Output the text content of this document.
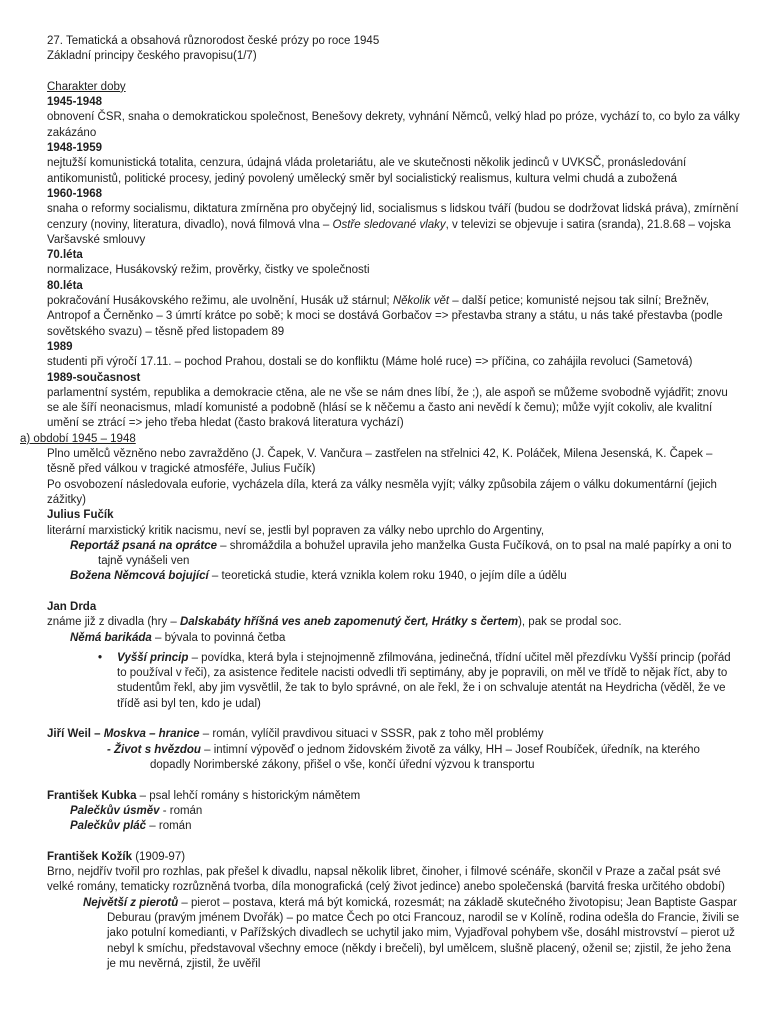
27. Tematická a obsahová různorodost české prózy po roce 1945

Základní principy českého pravopisu(1/7)

Charakter doby

1945-1948

obnovení ČSR, snaha o demokratickou společnost, Benešovy dekrety, vyhnání Němců, velký hlad po próze, vychází to, co bylo za války zakázáno

1948-1959

nejtužší komunistická totalita, cenzura, údajná vláda proletariátu, ale ve skutečnosti několik jedinců v UVKSČ, pronásledování antikomunistů, politické procesy, jediný povolený umělecký směr byl socialistický realismus, kultura velmi chudá a zubožená

1960-1968

snaha o reformy socialismu, diktatura zmírněna pro obyčejný lid, socialismus s lidskou tváří (budou se dodržovat lidská práva), zmírnění cenzury (noviny, literatura, divadlo), nová filmová vlna – Ostře sledované vlaky, v televizi se objevuje i satira (sranda), 21.8.68 – vojska Varšavské smlouvy

70.léta

normalizace, Husákovský režim, prověrky, čistky ve společnosti

80.léta

pokračování Husákovského režimu, ale uvolnění, Husák už stárnul; Několik vět – další petice; komunisté nejsou tak silní; Brežněv, Antropof a Černěnko – 3 úmrtí krátce po sobě; k moci se dostává Gorbačov => přestavba strany a státu, u nás také přestavba (podle sovětského svazu) – těsně před listopadem 89

1989

studenti při výročí 17.11. – pochod Prahou, dostali se do konfliktu (Máme holé ruce) => příčina, co zahájila revoluci (Sametová)

1989-současnost

parlamentní systém, republika a demokracie ctěna, ale ne vše se nám dnes líbí, že ;), ale aspoň se můžeme svobodně vyjádřit; znovu se ale šíří neonacismus, mladí komunisté a podobně (hlásí se k něčemu a často ani nevědí k čemu); může vyjít cokoliv, ale kvalitní umění se ztrácí => jeho třeba hledat (často braková literatura vychází)

a) období 1945 – 1948

Plno umělců vězněno nebo zavražděno (J. Čapek, V. Vančura – zastřelen na střelnici 42, K. Poláček, Milena Jesenská, K. Čapek – těsně před válkou v tragické atmosféře, Julius Fučík)

Po osvobození následovala euforie, vycházela díla, která za války nesměla vyjít; války způsobila zájem o válku dokumentární (jejich zážitky)

Julius Fučík

literární marxistický kritik nacismu, neví se, jestli byl popraven za války nebo uprchlo do Argentiny,

Reportáž psaná na oprátce – shromáždila a bohužel upravila jeho manželka Gusta Fučíková, on to psal na malé papírky a oni to tajně vynášeli ven

Božena Němcová bojující – teoretická studie, která vznikla kolem roku 1940, o jejím díle a údělu

Jan Drda

známe již z divadla (hry – Dalskabáty hříšná ves aneb zapomenutý čert, Hrátky s čertem), pak se prodal soc.

Němá barikáda – bývala to povinná četba

• Vyšší princip – povídka, která byla i stejnojmenně zfilmována, jedinečná, třídní učitel měl přezdívku Vyšší princip (pořád to používal v řeči), za asistence ředitele nacisti odvedli tři septimány, aby je popravili, on měl ve třídě to nějak říct, aby to studentům řekl, aby jim vysvětlil, že tak to bylo správné, on ale řekl, že i on schvaluje atentát na Heydricha (věděl, že ve třídě asi byl ten, kdo je udal)

Jiří Weil – Moskva – hranice – román, vylíčil pravdivou situaci v SSSR, pak z toho měl problémy

- Život s hvězdou – intimní výpověď o jednom židovském životě za války, HH – Josef Roubíček, úředník, na kterého dopadly Norimberské zákony, přišel o vše, končí úřední výzvou k transportu

František Kubka – psal lehčí romány s historickým námětem

Palečkův úsměv - román

Palečkův pláč – román

František Kožík (1909-97)

Brno, nejdřív tvořil pro rozhlas, pak přešel k divadlu, napsal několik libret, činoher, i filmové scénáře, skončil v Praze a začal psát své velké romány, tematicky rozrůzněná tvorba, díla monografická (celý život jedince) anebo společenská (barvitá freska určitého období)

Největší z pierotů – pierot – postava, která má být komická, rozesmát; na základě skutečného životopisu; Jean Baptiste Gaspar Deburau (pravým jménem Dvořák) – po matce Čech po otci Francouz, narodil se v Kolíně, rodina odešla do Francie, živili se jako potulní komedianti, v Pařížských divadlech se uchytil jako mim, Vyjadřoval pohybem vše, dosáhl mistrovství – pierot už nebyl k smíchu, představoval všechny emoce (někdy i brečeli), byl umělcem, slušně placený, oženil se; zjistil, že jeho žena je mu nevěrná, zjistil, že uvěřil
